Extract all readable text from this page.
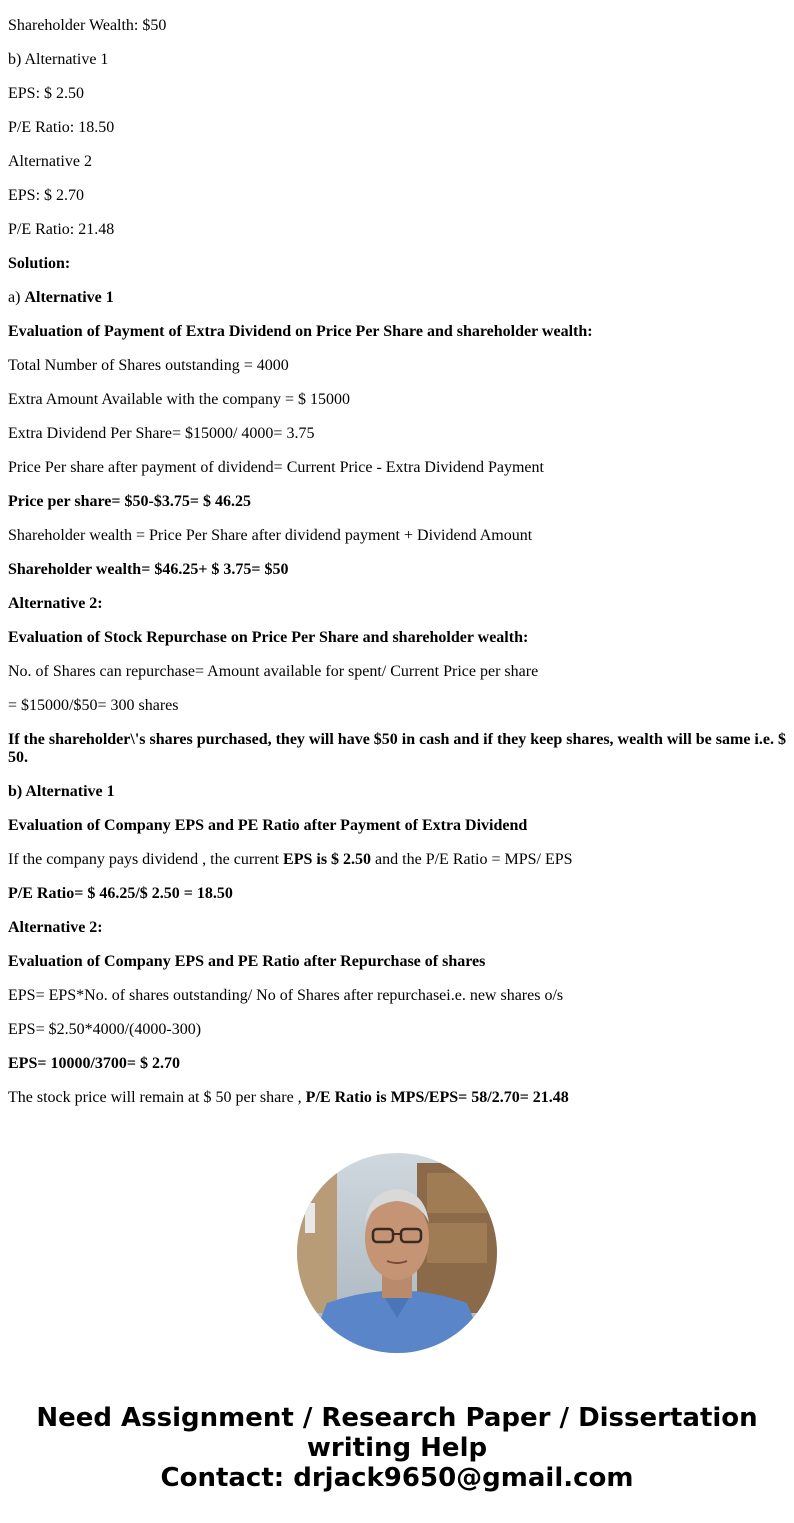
Shareholder Wealth: $50

b) Alternative 1

EPS: $ 2.50

P/E Ratio: 18.50

Alternative 2

EPS: $ 2.70

P/E Ratio: 21.48

Solution:

a) Alternative 1

Evaluation of Payment of Extra Dividend on Price Per Share and shareholder wealth:

Total Number of Shares outstanding = 4000

Extra Amount Available with the company = $ 15000

Extra Dividend Per Share= $15000/ 4000= 3.75

Price Per share after payment of dividend= Current Price - Extra Dividend Payment

Price per share= $50-$3.75= $ 46.25

Shareholder wealth = Price Per Share after dividend payment + Dividend Amount

Shareholder wealth= $46.25+ $ 3.75= $50

Alternative 2:

Evaluation of Stock Repurchase on Price Per Share and shareholder wealth:

No. of Shares can repurchase= Amount available for spent/ Current Price per share

= $15000/$50= 300 shares

If the shareholder\'s shares purchased, they will have $50 in cash and if they keep shares, wealth will be same i.e. $ 50.

b) Alternative 1

Evaluation of Company EPS and PE Ratio after Payment of Extra Dividend

If the company pays dividend , the current EPS is $ 2.50 and the P/E Ratio = MPS/ EPS

P/E Ratio= $ 46.25/$ 2.50 = 18.50

Alternative 2:

Evaluation of Company EPS and PE Ratio after Repurchase of shares

EPS= EPS*No. of shares outstanding/ No of Shares after repurchasei.e. new shares o/s

EPS= $2.50*4000/(4000-300)

EPS= 10000/3700= $ 2.70

The stock price will remain at $ 50 per share , P/E Ratio is MPS/EPS= 58/2.70= 21.48

Need Assignment / Research Paper / Dissertation
writing Help
Contact: drjack9650@gmail.com
